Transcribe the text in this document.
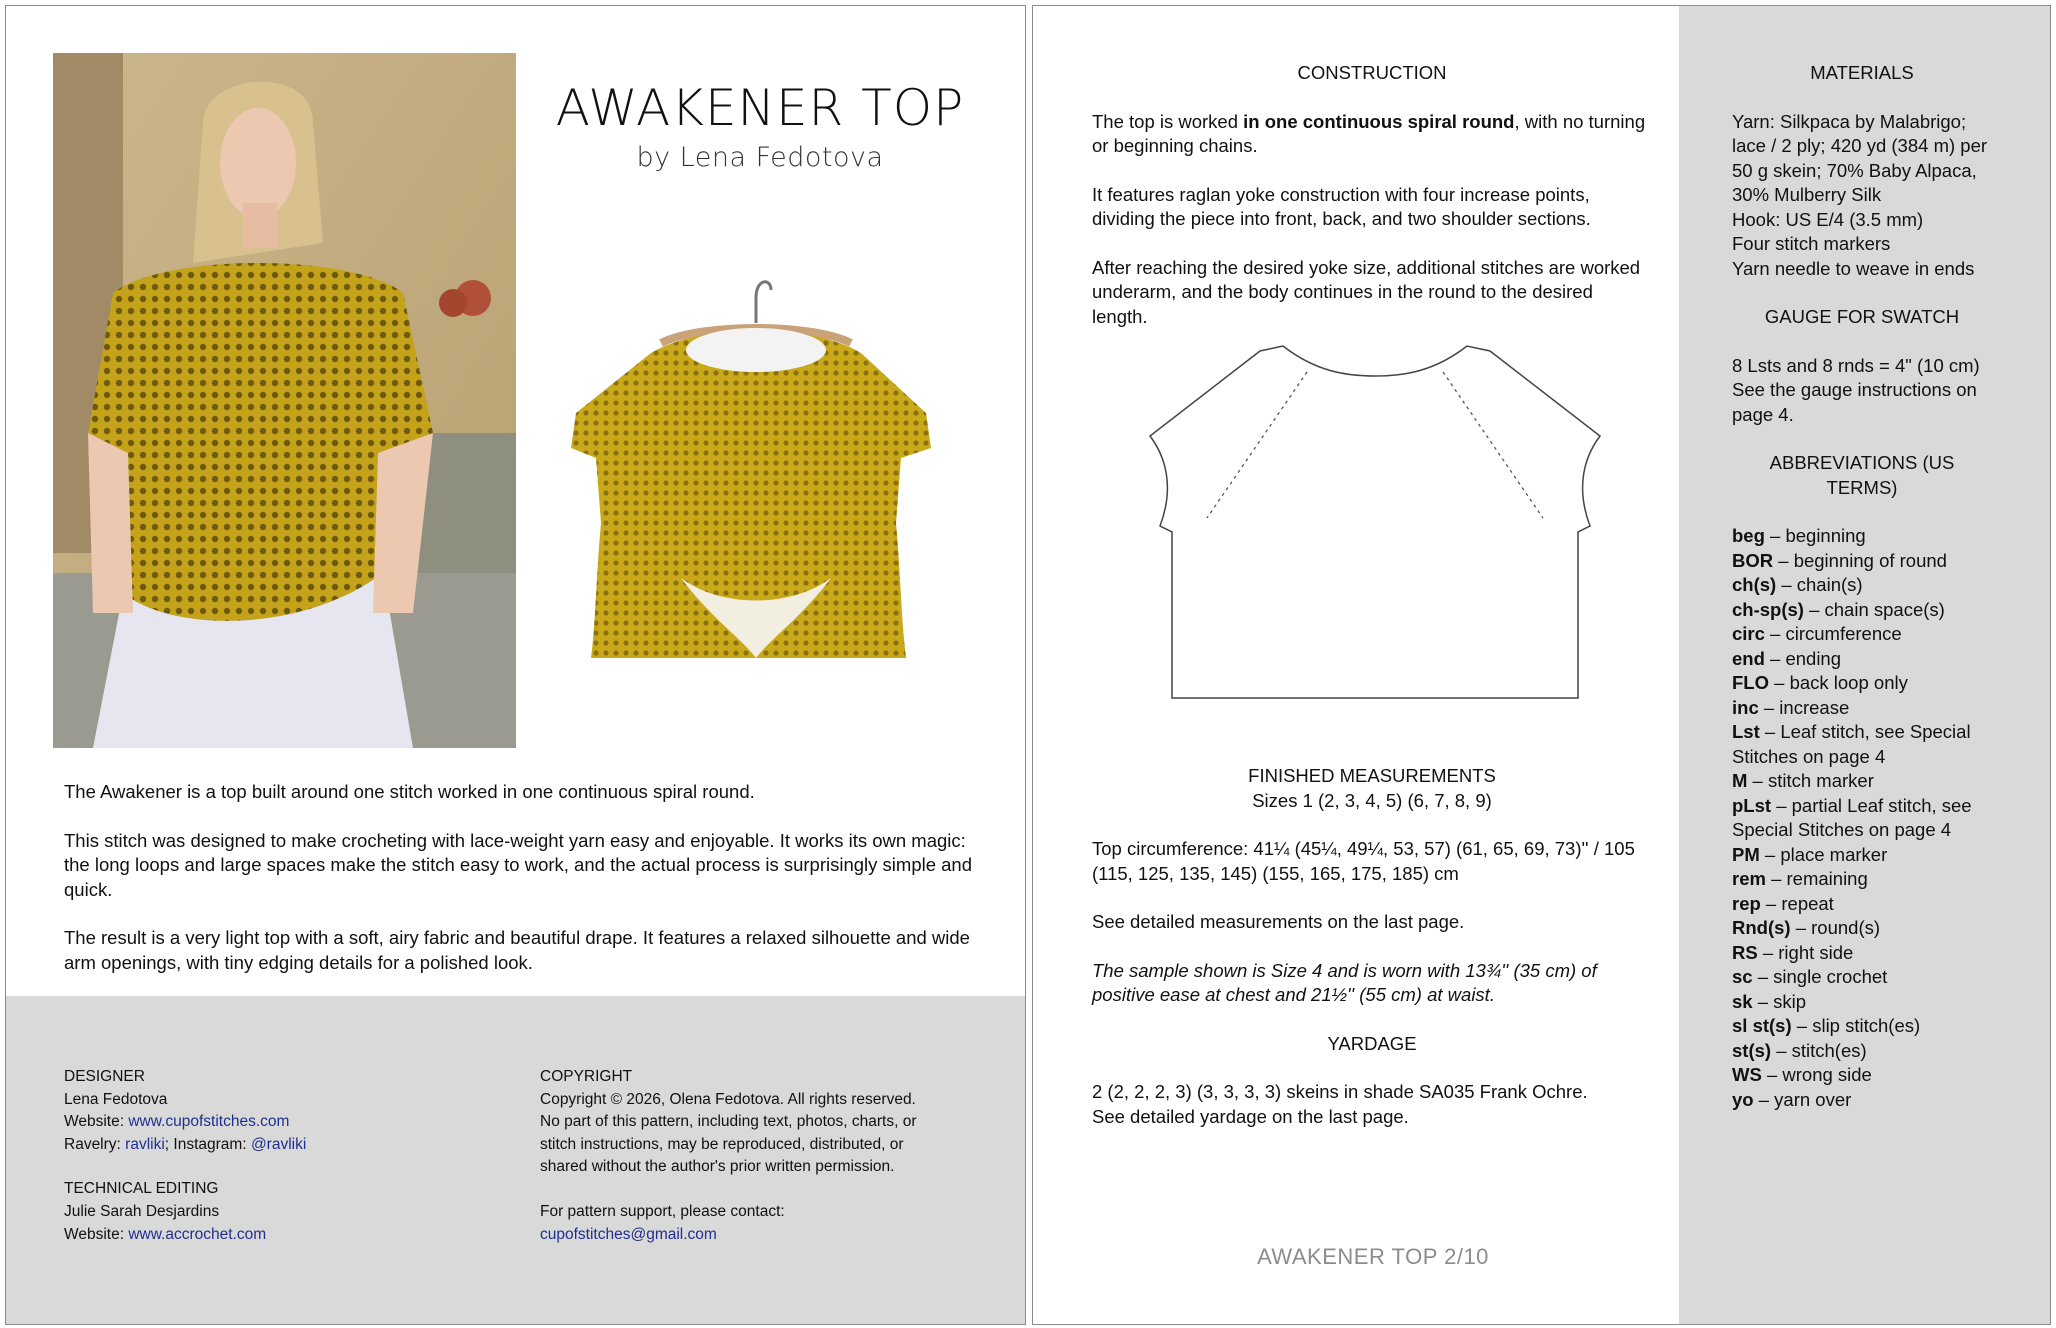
AWAKENER TOP
by Lena Fedotova

The Awakener is a top built around one stitch worked in one continuous spiral round.

This stitch was designed to make crocheting with lace-weight yarn easy and enjoyable. It works its own magic: the long loops and large spaces make the stitch easy to work, and the actual process is surprisingly simple and quick.

The result is a very light top with a soft, airy fabric and beautiful drape. It features a relaxed silhouette and wide arm openings, with tiny edging details for a polished look.

DESIGNER
Lena Fedotova
Website: www.cupofstitches.com
Ravelry: ravliki; Instagram: @ravliki
TECHNICAL EDITING
Julie Sarah Desjardins
Website: www.accrochet.com
COPYRIGHT
Copyright © 2026, Olena Fedotova. All rights reserved.
No part of this pattern, including text, photos, charts, or
stitch instructions, may be reproduced, distributed, or
shared without the author's prior written permission.
For pattern support, please contact:
cupofstitches@gmail.com
CONSTRUCTION

The top is worked in one continuous spiral round, with no turning or beginning chains.

It features raglan yoke construction with four increase points, dividing the piece into front, back, and two shoulder sections.

After reaching the desired yoke size, additional stitches are worked underarm, and the body continues in the round to the desired length.

FINISHED MEASUREMENTS
Sizes 1 (2, 3, 4, 5) (6, 7, 8, 9)

Top circumference: 41¼ (45¼, 49¼, 53, 57) (61, 65, 69, 73)'' / 105 (115, 125, 135, 145) (155, 165, 175, 185) cm

See detailed measurements on the last page.

The sample shown is Size 4 and is worn with 13¾'' (35 cm) of positive ease at chest and 21½'' (55 cm) at waist.

YARDAGE
2 (2, 2, 2, 3) (3, 3, 3, 3) skeins in shade SA035 Frank Ochre.
See detailed yardage on the last page.
AWAKENER TOP 2/10
MATERIALS
Yarn: Silkpaca by Malabrigo;
lace / 2 ply; 420 yd (384 m) per
50 g skein; 70% Baby Alpaca,
30% Mulberry Silk
Hook: US E/4 (3.5 mm)
Four stitch markers
Yarn needle to weave in ends
GAUGE FOR SWATCH
8 Lsts and 8 rnds = 4" (10 cm)
See the gauge instructions on
page 4.
ABBREVIATIONS (US TERMS)
beg – beginning
BOR – beginning of round
ch(s) – chain(s)
ch-sp(s) – chain space(s)
circ – circumference
end – ending
FLO – back loop only
inc – increase
Lst – Leaf stitch, see Special
Stitches on page 4
M – stitch marker
pLst – partial Leaf stitch, see
Special Stitches on page 4
PM – place marker
rem – remaining
rep – repeat
Rnd(s) – round(s)
RS – right side
sc – single crochet
sk – skip
sl st(s) – slip stitch(es)
st(s) – stitch(es)
WS – wrong side
yo – yarn over
